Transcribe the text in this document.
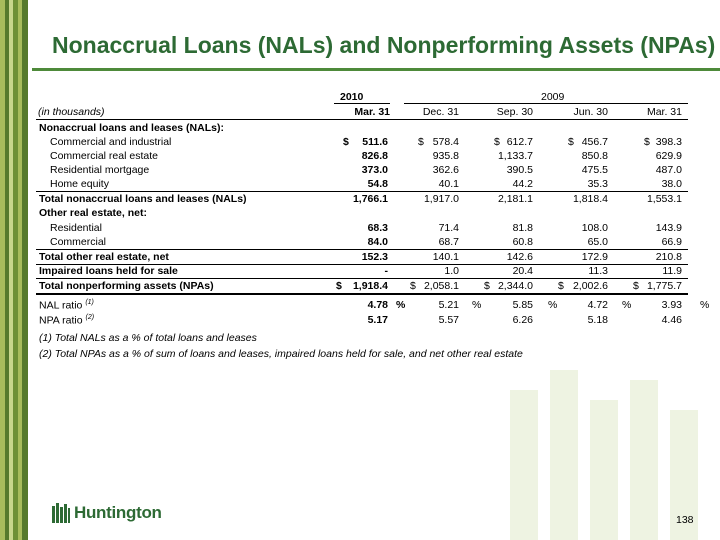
Nonaccrual Loans (NALs) and Nonperforming Assets (NPAs)
2010	2009
(in thousands)	Mar. 31	Dec. 31	Sep. 30	Jun. 30	Mar. 31
Nonaccrual loans and leases (NALs):
Commercial and industrial	$	511.6	$ 578.4	$ 612.7	$ 456.7	$ 398.3
Commercial real estate	826.8	935.8	1,133.7	850.8	629.9
Residential mortgage	373.0	362.6	390.5	475.5	487.0
Home equity	54.8	40.1	44.2	35.3	38.0
Total nonaccrual loans and leases (NALs)	1,766.1	1,917.0	2,181.1	1,818.4	1,553.1
Other real estate, net:
Residential	68.3	71.4	81.8	108.0	143.9
Commercial	84.0	68.7	60.8	65.0	66.9
Total other real estate, net	152.3	140.1	142.6	172.9	210.8
Impaired loans held for sale	-	1.0	20.4	11.3	11.9
Total nonperforming assets (NPAs)	$	1,918.4 $ 2,058.1 $ 2,344.0 $ 2,002.6 $ 1,775.7
NAL ratio $^{(1)}$	4.78 %	5.21 %	5.85 %	4.72 %	3.93 %
NPA ratio $^{(2)}$	5.17	5.57	6.26	5.18	4.46
(1) Total NALs as a % of total loans and leases
(2) Total NPAs as a % of sum of loans and leases, impaired loans held for sale, and net other real estate
Huntington	138
